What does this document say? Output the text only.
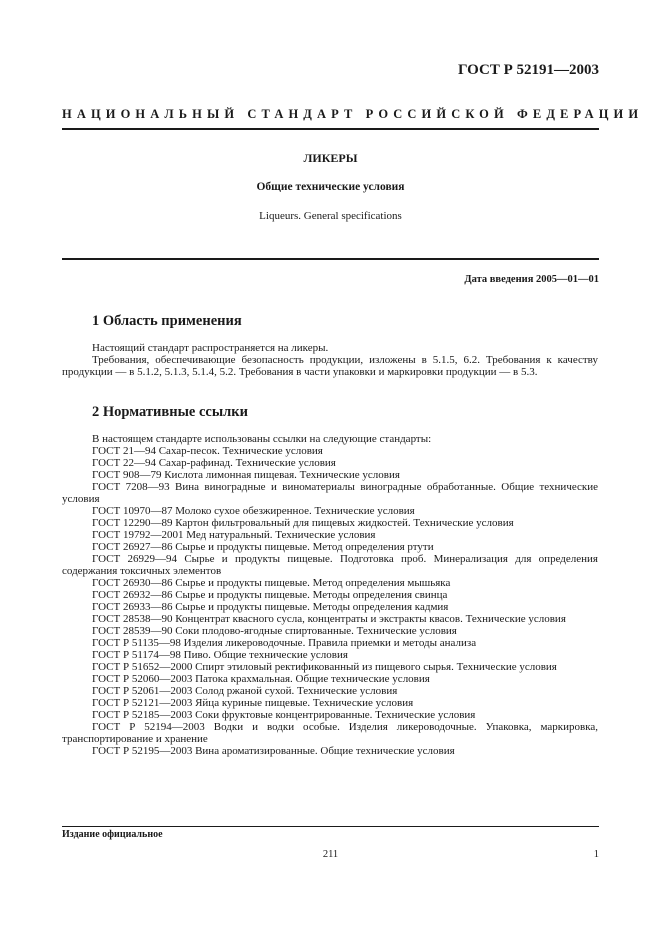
ГОСТ Р 52191—2003
НАЦИОНАЛЬНЫЙ СТАНДАРТ РОССИЙСКОЙ ФЕДЕРАЦИИ
ЛИКЕРЫ
Общие технические условия
Liqueurs. General specifications
Дата введения 2005—01—01
1 Область применения

Настоящий стандарт распространяется на ликеры.

Требования, обеспечивающие безопасность продукции, изложены в 5.1.5, 6.2. Требования к качеству продукции — в 5.1.2, 5.1.3, 5.1.4, 5.2. Требования в части упаковки и маркировки продукции — в 5.3.

2 Нормативные ссылки

В настоящем стандарте использованы ссылки на следующие стандарты:

ГОСТ 21—94 Сахар-песок. Технические условия

ГОСТ 22—94 Сахар-рафинад. Технические условия

ГОСТ 908—79 Кислота лимонная пищевая. Технические условия

ГОСТ 7208—93 Вина виноградные и виноматериалы виноградные обработанные. Общие технические условия

ГОСТ 10970—87 Молоко сухое обезжиренное. Технические условия

ГОСТ 12290—89 Картон фильтровальный для пищевых жидкостей. Технические условия

ГОСТ 19792—2001 Мед натуральный. Технические условия

ГОСТ 26927—86 Сырье и продукты пищевые. Метод определения ртути

ГОСТ 26929—94 Сырье и продукты пищевые. Подготовка проб. Минерализация для определения содержания токсичных элементов

ГОСТ 26930—86 Сырье и продукты пищевые. Метод определения мышьяка

ГОСТ 26932—86 Сырье и продукты пищевые. Методы определения свинца

ГОСТ 26933—86 Сырье и продукты пищевые. Методы определения кадмия

ГОСТ 28538—90 Концентрат квасного сусла, концентраты и экстракты квасов. Технические условия

ГОСТ 28539—90 Соки плодово-ягодные спиртованные. Технические условия

ГОСТ Р 51135—98 Изделия ликероводочные. Правила приемки и методы анализа

ГОСТ Р 51174—98 Пиво. Общие технические условия

ГОСТ Р 51652—2000 Спирт этиловый ректификованный из пищевого сырья. Технические условия

ГОСТ Р 52060—2003 Патока крахмальная. Общие технические условия

ГОСТ Р 52061—2003 Солод ржаной сухой. Технические условия

ГОСТ Р 52121—2003 Яйца куриные пищевые. Технические условия

ГОСТ Р 52185—2003 Соки фруктовые концентрированные. Технические условия

ГОСТ Р 52194—2003 Водки и водки особые. Изделия ликероводочные. Упаковка, маркировка, транспортирование и хранение

ГОСТ Р 52195—2003 Вина ароматизированные. Общие технические условия

Издание официальное
211	1
